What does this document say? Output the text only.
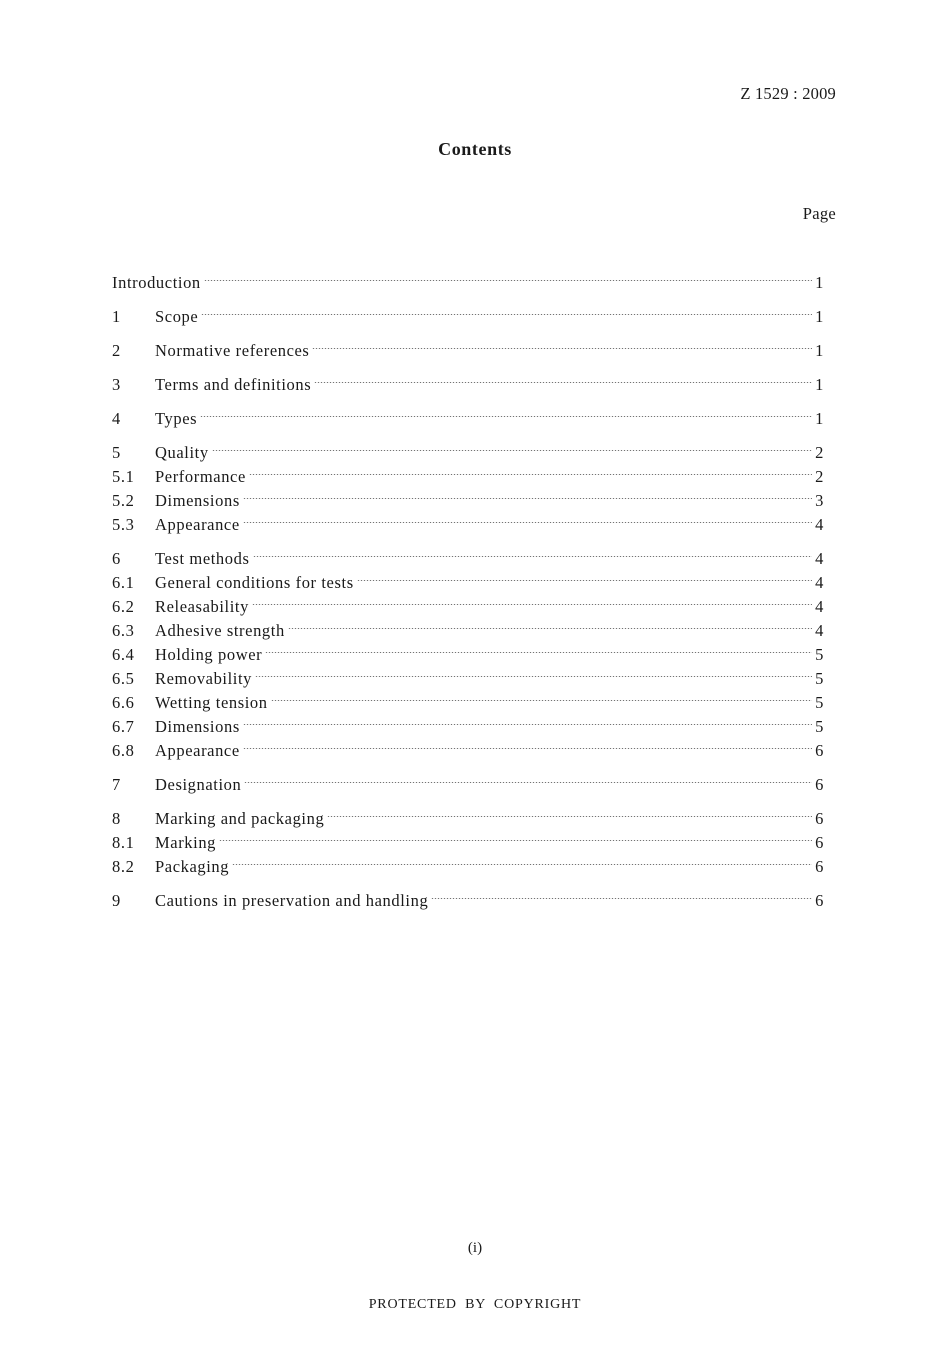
Z 1529 : 2009
Contents
Page
Introduction	1
1	Scope	1
2	Normative references	1
3	Terms and definitions	1
4	Types	1
5	Quality	2
5.1	Performance	2
5.2	Dimensions	3
5.3	Appearance	4
6	Test methods	4
6.1	General conditions for tests	4
6.2	Releasability	4
6.3	Adhesive strength	4
6.4	Holding power	5
6.5	Removability	5
6.6	Wetting tension	5
6.7	Dimensions	5
6.8	Appearance	6
7	Designation	6
8	Marking and packaging	6
8.1	Marking	6
8.2	Packaging	6
9	Cautions in preservation and handling	6
(i)
PROTECTED BY COPYRIGHT
